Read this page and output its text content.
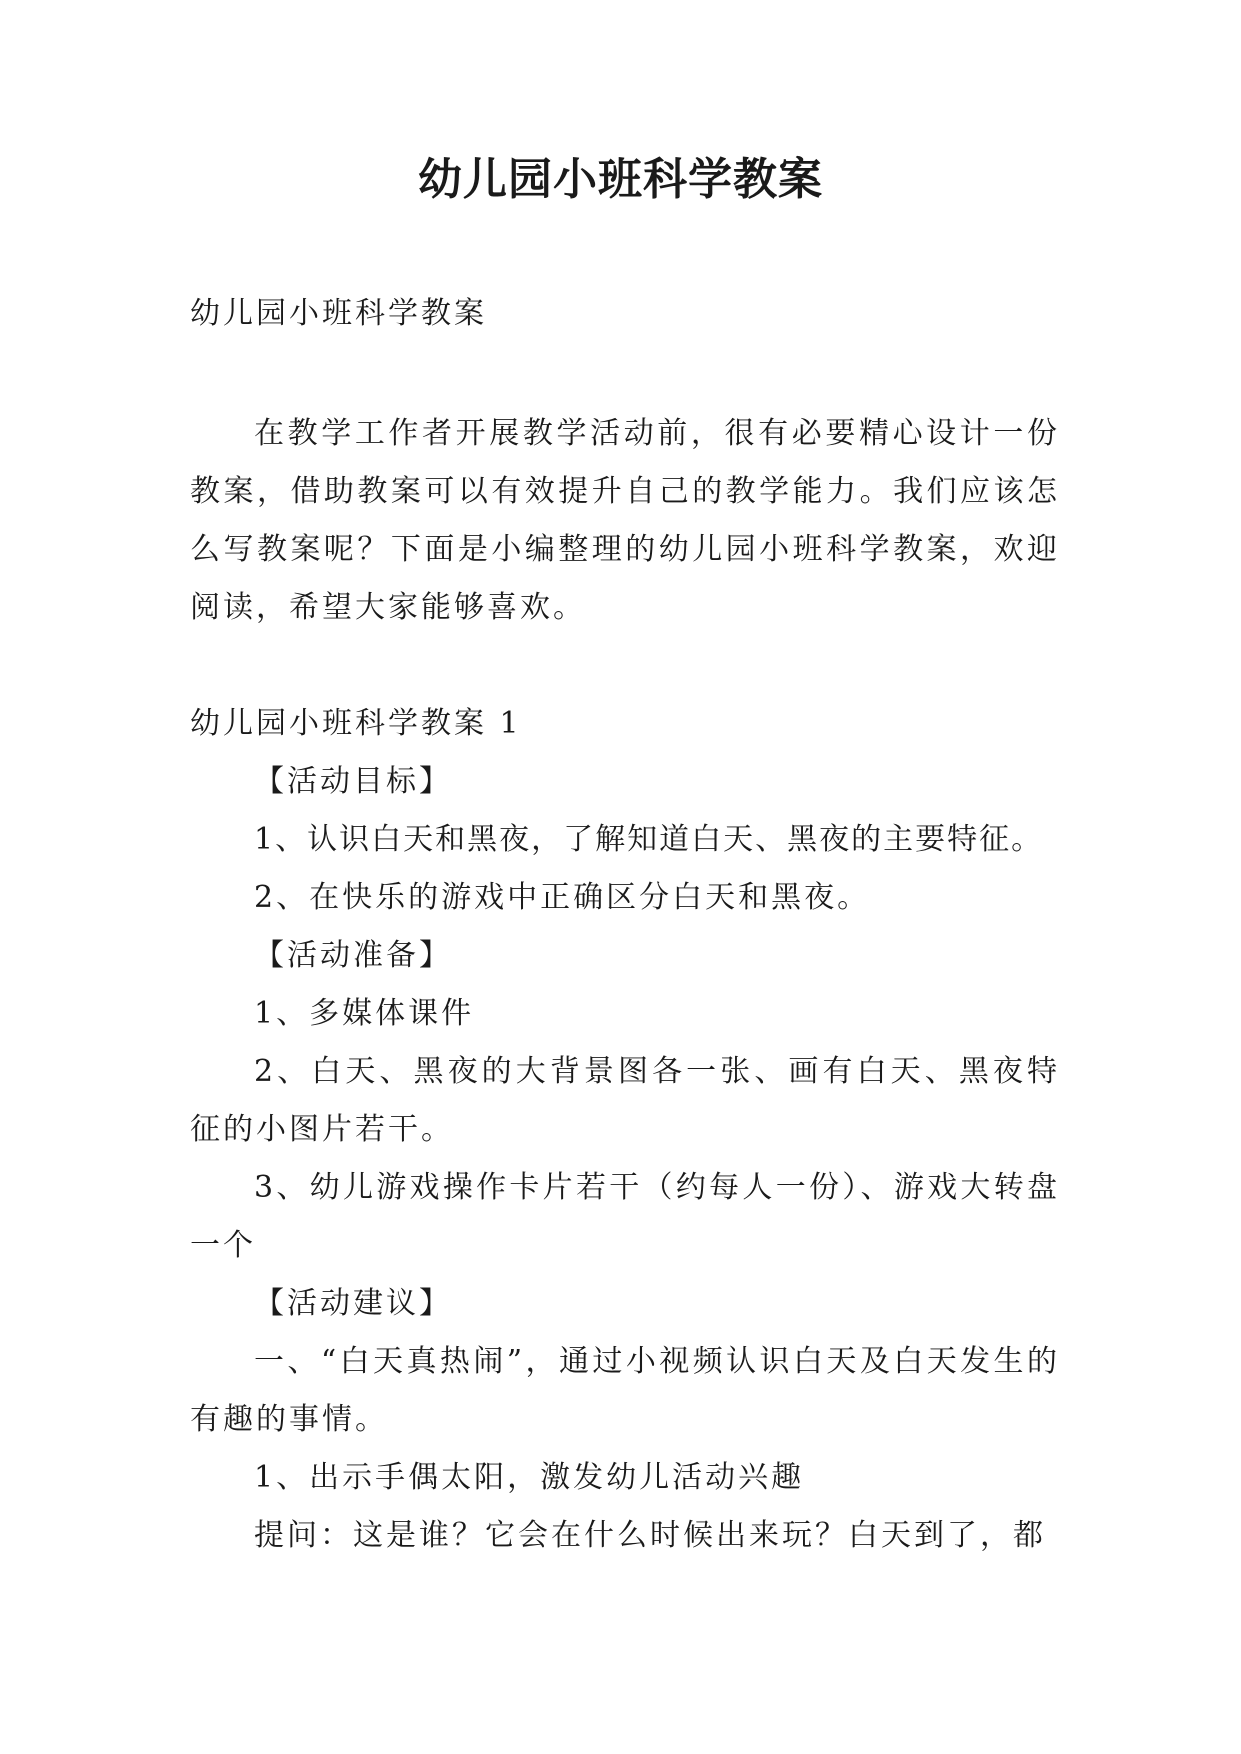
幼儿园小班科学教案

幼儿园小班科学教案

在教学工作者开展教学活动前，很有必要精心设计一份教案，借助教案可以有效提升自己的教学能力。我们应该怎么写教案呢？下面是小编整理的幼儿园小班科学教案，欢迎阅读，希望大家能够喜欢。

幼儿园小班科学教案 1

【活动目标】

1、认识白天和黑夜，了解知道白天、黑夜的主要特征。

2、在快乐的游戏中正确区分白天和黑夜。

【活动准备】

1、多媒体课件

2、白天、黑夜的大背景图各一张、画有白天、黑夜特征的小图片若干。

3、幼儿游戏操作卡片若干（约每人一份）、游戏大转盘一个

【活动建议】

一、“白天真热闹”，通过小视频认识白天及白天发生的有趣的事情。

1、出示手偶太阳，激发幼儿活动兴趣

提问：这是谁？它会在什么时候出来玩？白天到了，都
